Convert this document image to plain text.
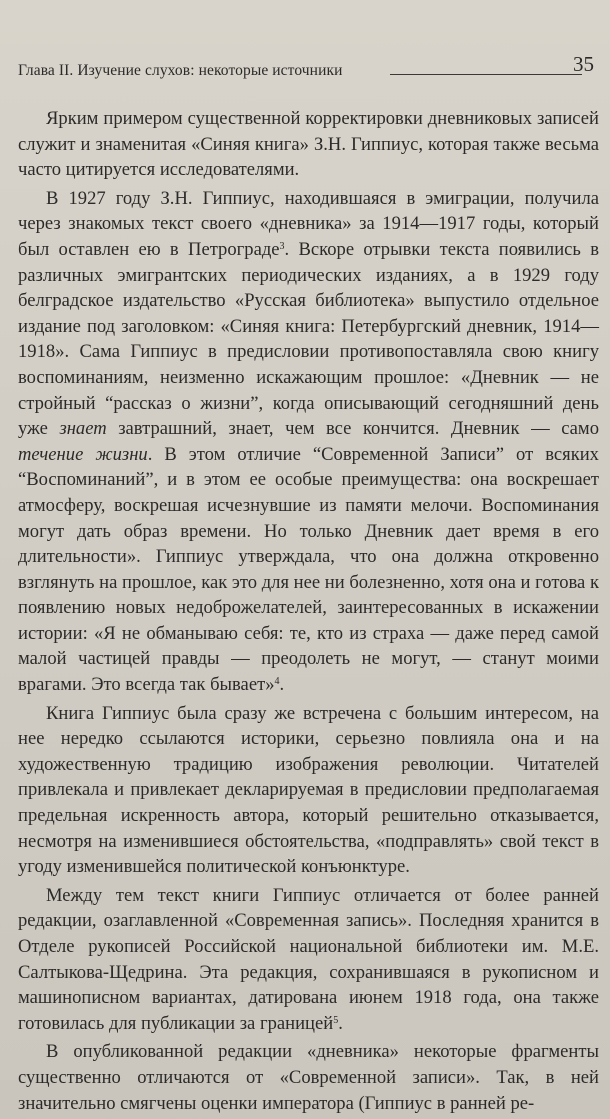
Глава II. Изучение слухов: некоторые источники	35

Ярким примером существенной корректировки дневниковых записей служит и знаменитая «Синяя книга» З.Н. Гиппиус, которая также весьма часто цитируется исследователями.

В 1927 году З.Н. Гиппиус, находившаяся в эмиграции, получила через знакомых текст своего «дневника» за 1914—1917 годы, который был оставлен ею в Петрограде$^3$. Вскоре отрывки текста появились в различных эмигрантских периодических изданиях, а в 1929 году белградское издательство «Русская библиотека» выпустило отдельное издание под заголовком: «Синяя книга: Петербургский дневник, 1914—1918». Сама Гиппиус в предисловии противопоставляла свою книгу воспоминаниям, неизменно искажающим прошлое: «Дневник — не стройный “рассказ о жизни”, когда описывающий сегодняшний день уже знает завтрашний, знает, чем все кончится. Дневник — само течение жизни. В этом отличие “Современной Записи” от всяких “Воспоминаний”, и в этом ее особые преимущества: она воскрешает атмосферу, воскрешая исчезнувшие из памяти мелочи. Воспоминания могут дать образ времени. Но только Дневник дает время в его длительности». Гиппиус утверждала, что она должна откровенно взглянуть на прошлое, как это для нее ни болезненно, хотя она и готова к появлению новых недоброжелателей, заинтересованных в искажении истории: «Я не обманываю себя: те, кто из страха — даже перед самой малой частицей правды — преодолеть не могут, — станут моими врагами. Это всегда так бывает»$^4$.

Книга Гиппиус была сразу же встречена с большим интересом, на нее нередко ссылаются историки, серьезно повлияла она и на художественную традицию изображения революции. Читателей привлекала и привлекает декларируемая в предисловии предполагаемая предельная искренность автора, который решительно отказывается, несмотря на изменившиеся обстоятельства, «подправлять» свой текст в угоду изменившейся политической конъюнктуре.

Между тем текст книги Гиппиус отличается от более ранней редакции, озаглавленной «Современная запись». Последняя хранится в Отделе рукописей Российской национальной библиотеки им. М.Е. Салтыкова-Щедрина. Эта редакция, сохранившаяся в рукописном и машинописном вариантах, датирована июнем 1918 года, она также готовилась для публикации за границей$^5$.

В опубликованной редакции «дневника» некоторые фрагменты существенно отличаются от «Современной записи». Так, в ней значительно смягчены оценки императора (Гиппиус в ранней ре-
